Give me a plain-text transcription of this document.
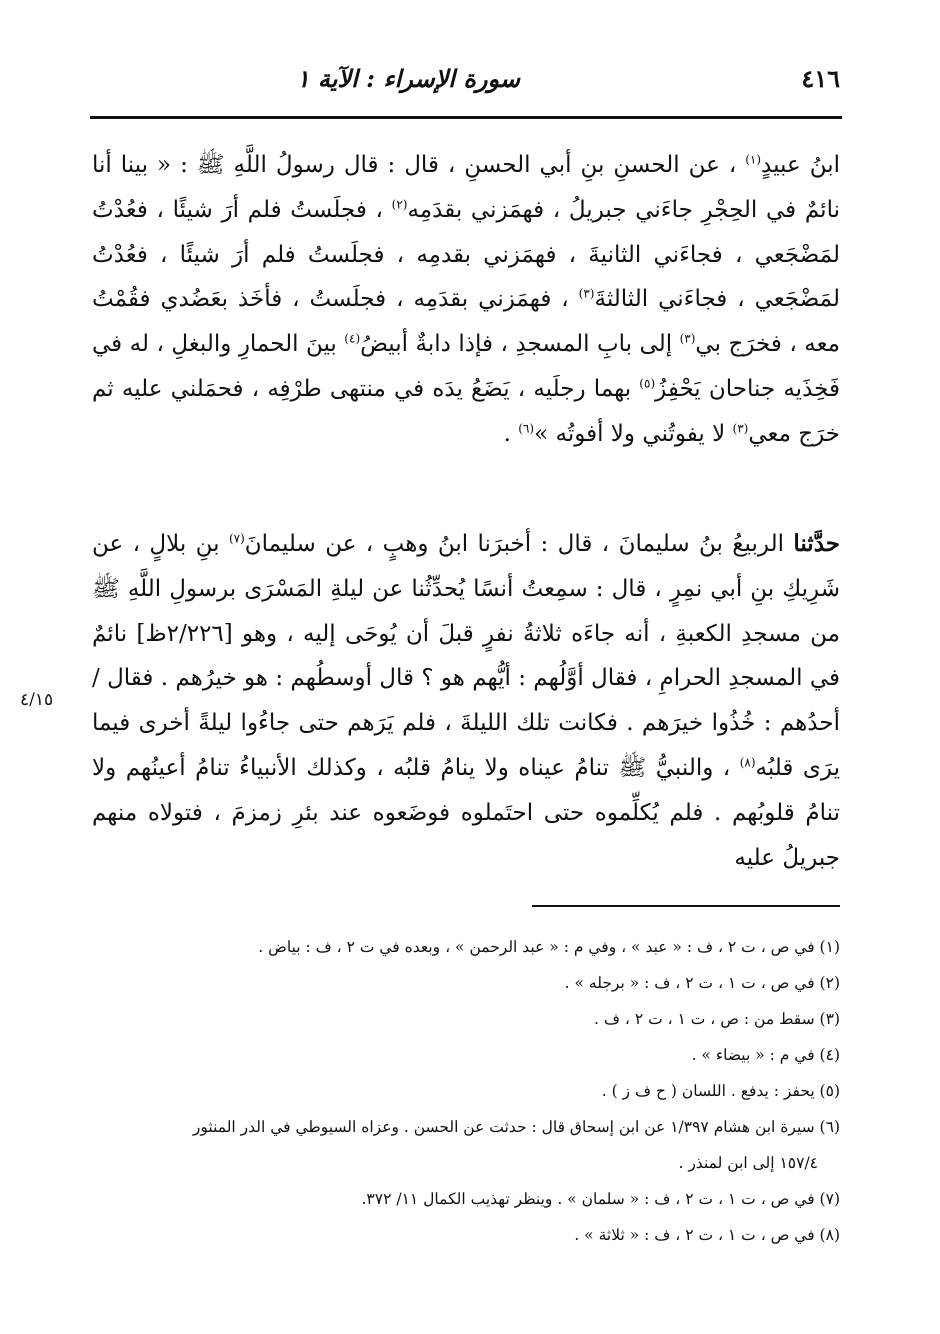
٤١٦
سورة الإسراء : الآية ١
ابنُ عبيدٍ$^{(١)}$ ، عن الحسنِ بنِ أبي الحسنِ ، قال : قال رسولُ اللَّهِ ﷺ : « بينا أنا نائمٌ في الحِجْرِ جاءَني جبريلُ ، فهمَزني بقدَمِه$^{(٢)}$ ، فجلَستُ فلم أرَ شيئًا ، فعُدْتُ لمَضْجَعي ، فجاءَني الثانيةَ ، فهمَزني بقدمِه ، فجلَستُ فلم أرَ شيئًا ، فعُدْتُ لمَضْجَعي ، فجاءَني الثالثةَ$^{(٣)}$ ، فهمَزني بقدَمِه ، فجلَستُ ، فأخَذ بعَضُدي فقُمْتُ معه ، فخرَج بي$^{(٣)}$ إلى بابِ المسجدِ ، فإذا دابةٌ أبيضُ$^{(٤)}$ بينَ الحمارِ والبغلِ ، له في فَخِذَيه جناحان يَحْفِزُ$^{(٥)}$ بهما رجلَيه ، يَضَعُ يدَه في منتهى طرْفِه ، فحمَلني عليه ثم خرَج معي$^{(٣)}$ لا يفوتُني ولا أفوتُه »$^{(٦)}$ .
حدَّثنا الربيعُ بنُ سليمانَ ، قال : أخبرَنا ابنُ وهبٍ ، عن سليمانَ$^{(٧)}$ بنِ بلالٍ ، عن شَرِيكِ بنِ أبي نمِرٍ ، قال : سمِعتُ أنسًا يُحدِّثُنا عن ليلةِ المَسْرَى برسولِ اللَّهِ ﷺ من مسجدِ الكعبةِ ، أنه جاءَه ثلاثةُ نفرٍ قبلَ أن يُوحَى إليه ، وهو [٢/٢٢٦ظ] نائمٌ في المسجدِ الحرامِ ، فقال أوَّلُهم : أيُّهم هو ؟ قال أوسطُهم : هو خيرُهم . فقال / أحدُهم : خُذُوا خيرَهم . فكانت تلك الليلةَ ، فلم يَرَهم حتى جاءُوا ليلةً أخرى فيما يرَى قلبُه$^{(٨)}$ ، والنبيُّ ﷺ تنامُ عيناه ولا ينامُ قلبُه ، وكذلك الأنبياءُ تنامُ أعينُهم ولا تنامُ قلوبُهم . فلم يُكلِّموه حتى احتَملوه فوضَعوه عند بئرِ زمزمَ ، فتولاه منهم جبريلُ عليه
٤/١٥

(١) في ص ، ت ٢ ، ف : « عبد » ، وفي م : « عبد الرحمن » ، وبعده في ت ٢ ، ف : بياض .

(٢) في ص ، ت ١ ، ت ٢ ، ف : « برجله » .

(٣) سقط من : ص ، ت ١ ، ت ٢ ، ف .

(٤) في م : « بيضاء » .

(٥) يحفز : يدفع . اللسان ( ح ف ز ) .

(٦) سيرة ابن هشام ١/٣٩٧ عن ابن إسحاق قال : حدثت عن الحسن . وعزاه السيوطي في الدر المنثور

١٥٧/٤ إلى ابن لمنذر .

(٧) في ص ، ت ١ ، ت ٢ ، ف : « سلمان » . وينظر تهذيب الكمال ١١/ ٣٧٢.

(٨) في ص ، ت ١ ، ت ٢ ، ف : « ثلاثة » .
